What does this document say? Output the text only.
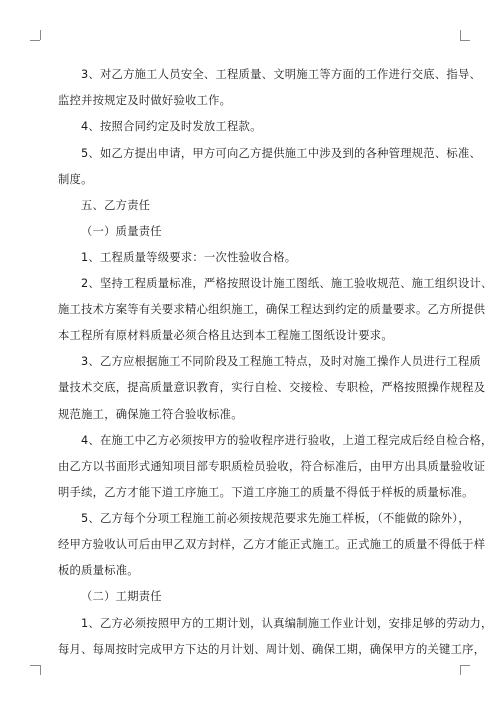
3、对乙方施工人员安全、工程质量、文明施工等方面的工作进行交底、指导、
监控并按规定及时做好验收工作。
4、按照合同约定及时发放工程款。
5、如乙方提出申请，甲方可向乙方提供施工中涉及到的各种管理规范、标准、
制度。
五、乙方责任
（一）质量责任
1、工程质量等级要求：一次性验收合格。
2、坚持工程质量标准，严格按照设计施工图纸、施工验收规范、施工组织设计、
施工技术方案等有关要求精心组织施工，确保工程达到约定的质量要求。乙方所提供
本工程所有原材料质量必须合格且达到本工程施工图纸设计要求。
3、乙方应根据施工不同阶段及工程施工特点，及时对施工操作人员进行工程质
量技术交底，提高质量意识教育，实行自检、交接检、专职检，严格按照操作规程及
规范施工，确保施工符合验收标准。
4、在施工中乙方必须按甲方的验收程序进行验收，上道工程完成后经自检合格，
由乙方以书面形式通知项目部专职质检员验收，符合标准后，由甲方出具质量验收证
明手续，乙方才能下道工序施工。下道工序施工的质量不得低于样板的质量标准。
5、乙方每个分项工程施工前必须按规范要求先施工样板，（不能做的除外），
经甲方验收认可后由甲乙双方封样，乙方才能正式施工。正式施工的质量不得低于样
板的质量标准。
（二）工期责任
1、乙方必须按照甲方的工期计划，认真编制施工作业计划，安排足够的劳动力，
每月、每周按时完成甲方下达的月计划、周计划、确保工期，确保甲方的关键工序，
